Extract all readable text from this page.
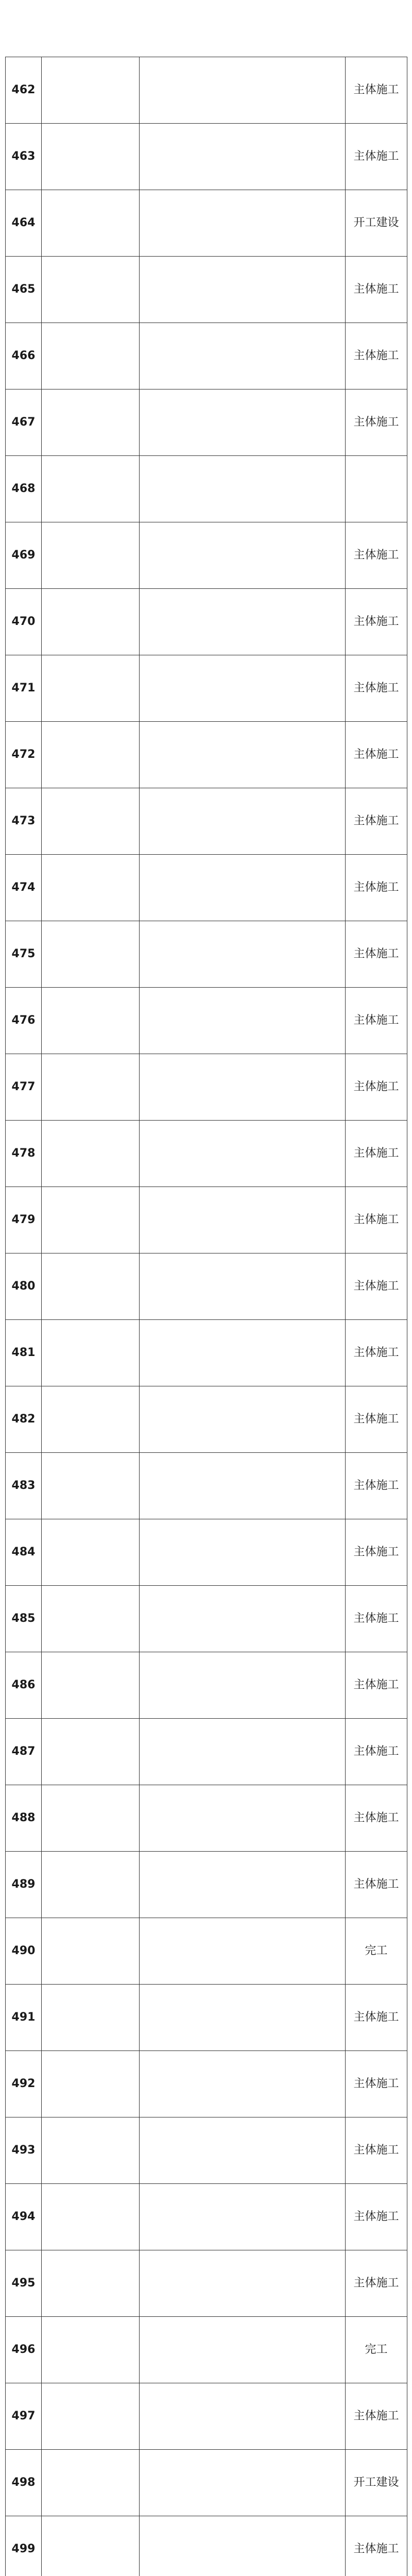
462			主体施工
463			主体施工
464			开工建设
465			主体施工
466			主体施工
467			主体施工
468			
469			主体施工
470			主体施工
471			主体施工
472			主体施工
473			主体施工
474			主体施工
475			主体施工
476			主体施工
477			主体施工
478			主体施工
479			主体施工
480			主体施工
481			主体施工
482			主体施工
483			主体施工
484			主体施工
485			主体施工
486			主体施工
487			主体施工
488			主体施工
489			主体施工
490			完工
491			主体施工
492			主体施工
493			主体施工
494			主体施工
495			主体施工
496			完工
497			主体施工
498			开工建设
499			主体施工
